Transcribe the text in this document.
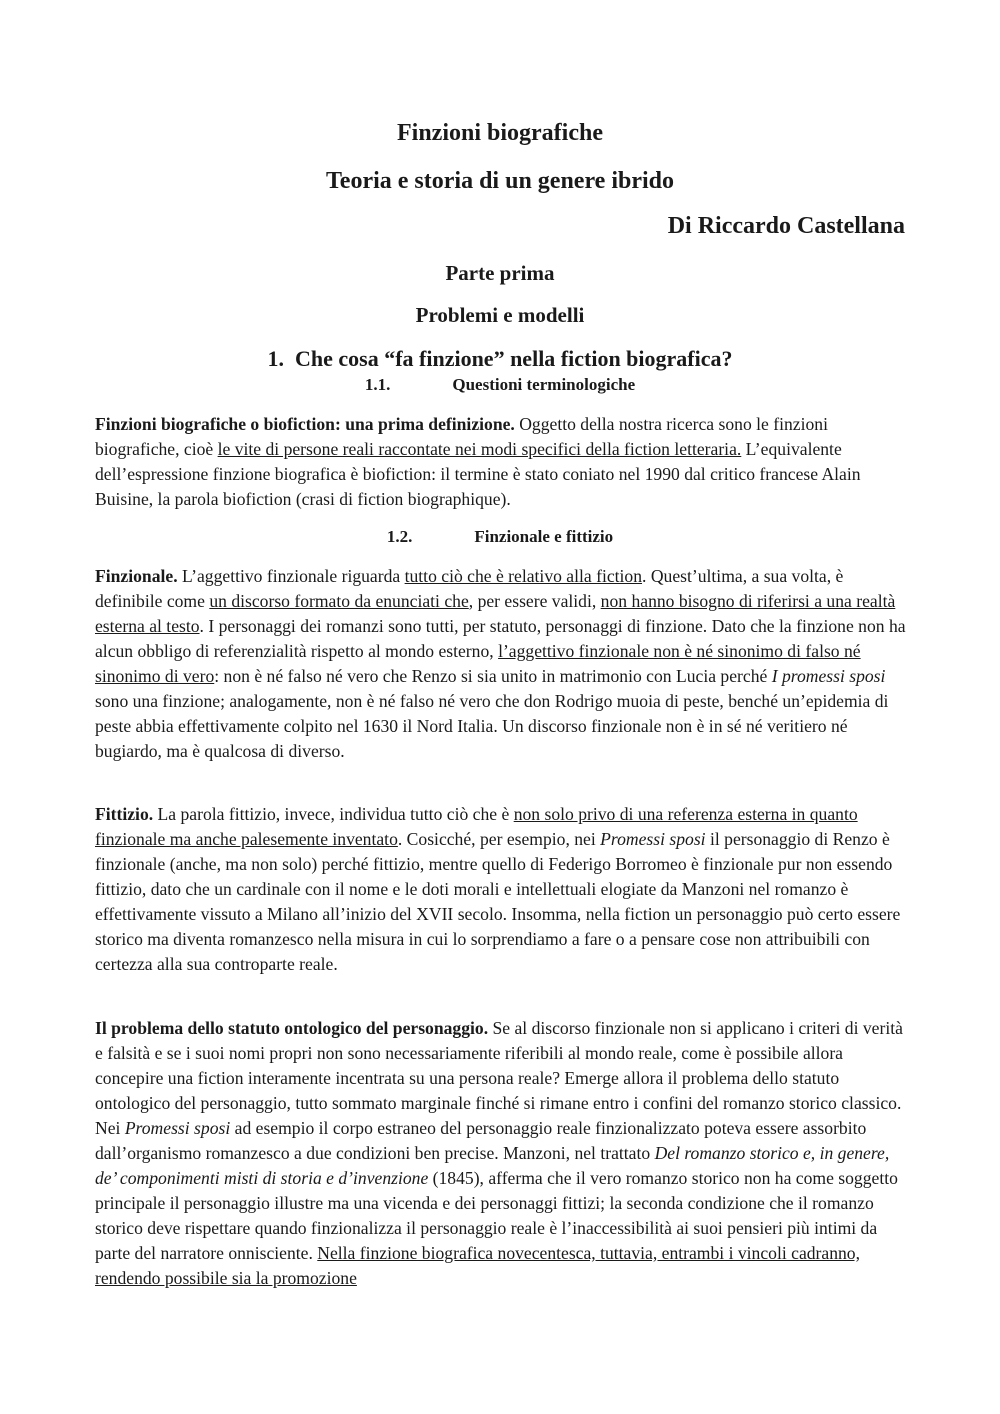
Finzioni biografiche
Teoria e storia di un genere ibrido
Di Riccardo Castellana
Parte prima
Problemi e modelli
1. Che cosa “fa finzione” nella fiction biografica?
1.1.	Questioni terminologiche

Finzioni biografiche o biofiction: una prima definizione. Oggetto della nostra ricerca sono le finzioni biografiche, cioè le vite di persone reali raccontate nei modi specifici della fiction letteraria. L’equivalente dell’espressione finzione biografica è biofiction: il termine è stato coniato nel 1990 dal critico francese Alain Buisine, la parola biofiction (crasi di fiction biographique).

1.2.	Finzionale e fittizio

Finzionale. L’aggettivo finzionale riguarda tutto ciò che è relativo alla fiction. Quest’ultima, a sua volta, è definibile come un discorso formato da enunciati che, per essere validi, non hanno bisogno di riferirsi a una realtà esterna al testo. I personaggi dei romanzi sono tutti, per statuto, personaggi di finzione. Dato che la finzione non ha alcun obbligo di referenzialità rispetto al mondo esterno, l’aggettivo finzionale non è né sinonimo di falso né sinonimo di vero: non è né falso né vero che Renzo si sia unito in matrimonio con Lucia perché I promessi sposi sono una finzione; analogamente, non è né falso né vero che don Rodrigo muoia di peste, benché un’epidemia di peste abbia effettivamente colpito nel 1630 il Nord Italia. Un discorso finzionale non è in sé né veritiero né bugiardo, ma è qualcosa di diverso.

Fittizio. La parola fittizio, invece, individua tutto ciò che è non solo privo di una referenza esterna in quanto finzionale ma anche palesemente inventato. Cosicché, per esempio, nei Promessi sposi il personaggio di Renzo è finzionale (anche, ma non solo) perché fittizio, mentre quello di Federigo Borromeo è finzionale pur non essendo fittizio, dato che un cardinale con il nome e le doti morali e intellettuali elogiate da Manzoni nel romanzo è effettivamente vissuto a Milano all’inizio del XVII secolo. Insomma, nella fiction un personaggio può certo essere storico ma diventa romanzesco nella misura in cui lo sorprendiamo a fare o a pensare cose non attribuibili con certezza alla sua controparte reale.

Il problema dello statuto ontologico del personaggio. Se al discorso finzionale non si applicano i criteri di verità e falsità e se i suoi nomi propri non sono necessariamente riferibili al mondo reale, come è possibile allora concepire una fiction interamente incentrata su una persona reale? Emerge allora il problema dello statuto ontologico del personaggio, tutto sommato marginale finché si rimane entro i confini del romanzo storico classico. Nei Promessi sposi ad esempio il corpo estraneo del personaggio reale finzionalizzato poteva essere assorbito dall’organismo romanzesco a due condizioni ben precise. Manzoni, nel trattato Del romanzo storico e, in genere, de’ componimenti misti di storia e d’invenzione (1845), afferma che il vero romanzo storico non ha come soggetto principale il personaggio illustre ma una vicenda e dei personaggi fittizi; la seconda condizione che il romanzo storico deve rispettare quando finzionalizza il personaggio reale è l’inaccessibilità ai suoi pensieri più intimi da parte del narratore onnisciente. Nella finzione biografica novecentesca, tuttavia, entrambi i vincoli cadranno, rendendo possibile sia la promozione
